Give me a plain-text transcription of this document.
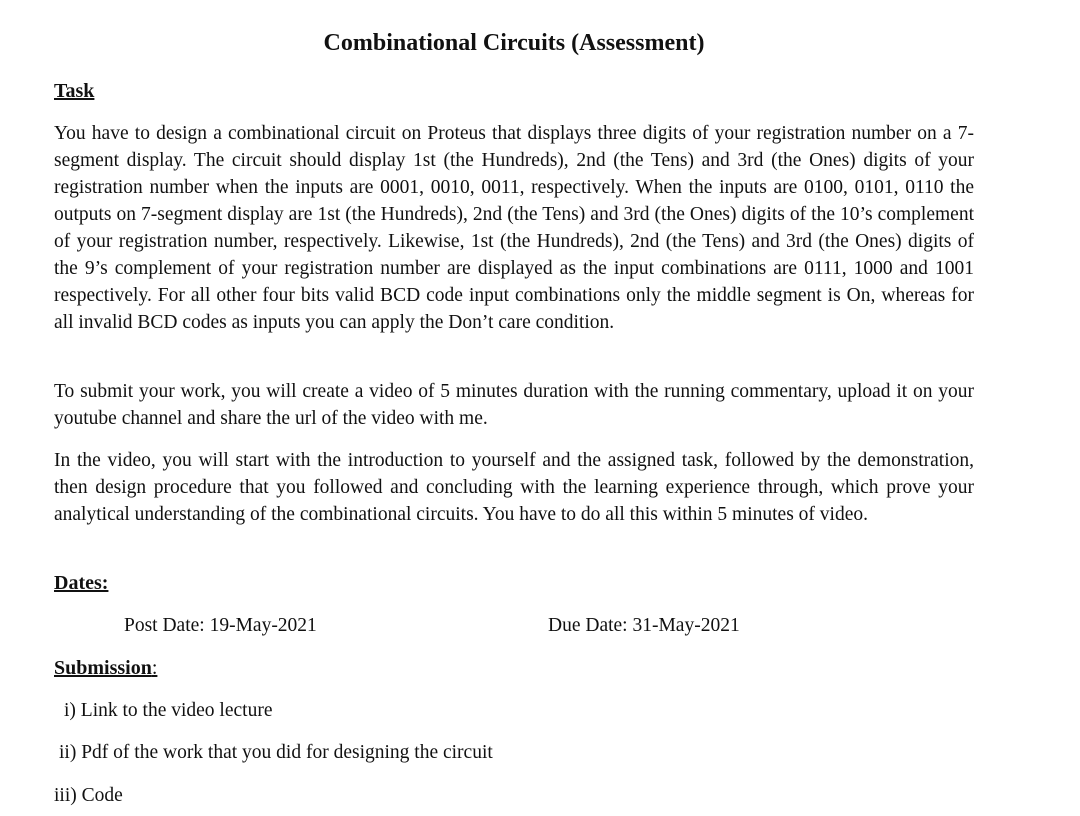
Combinational Circuits (Assessment)
Task

You have to design a combinational circuit on Proteus that displays three digits of your registration number on a 7-segment display. The circuit should display 1st (the Hundreds), 2nd (the Tens) and 3rd (the Ones) digits of your registration number when the inputs are 0001, 0010, 0011, respectively. When the inputs are 0100, 0101, 0110 the outputs on 7-segment display are 1st (the Hundreds), 2nd (the Tens) and 3rd (the Ones) digits of the 10’s complement of your registration number, respectively. Likewise, 1st (the Hundreds), 2nd (the Tens) and 3rd (the Ones) digits of the 9’s complement of your registration number are displayed as the input combinations are 0111, 1000 and 1001 respectively. For all other four bits valid BCD code input combinations only the middle segment is On, whereas for all invalid BCD codes as inputs you can apply the Don’t care condition.

To submit your work, you will create a video of 5 minutes duration with the running commentary, upload it on your youtube channel and share the url of the video with me.

In the video, you will start with the introduction to yourself and the assigned task, followed by the demonstration, then design procedure that you followed and concluding with the learning experience through, which prove your analytical understanding of the combinational circuits. You have to do all this within 5 minutes of video.

Dates:
Post Date: 19-May-2021	Due Date: 31-May-2021
Submission:
i) Link to the video lecture
ii) Pdf of the work that you did for designing the circuit
iii) Code
